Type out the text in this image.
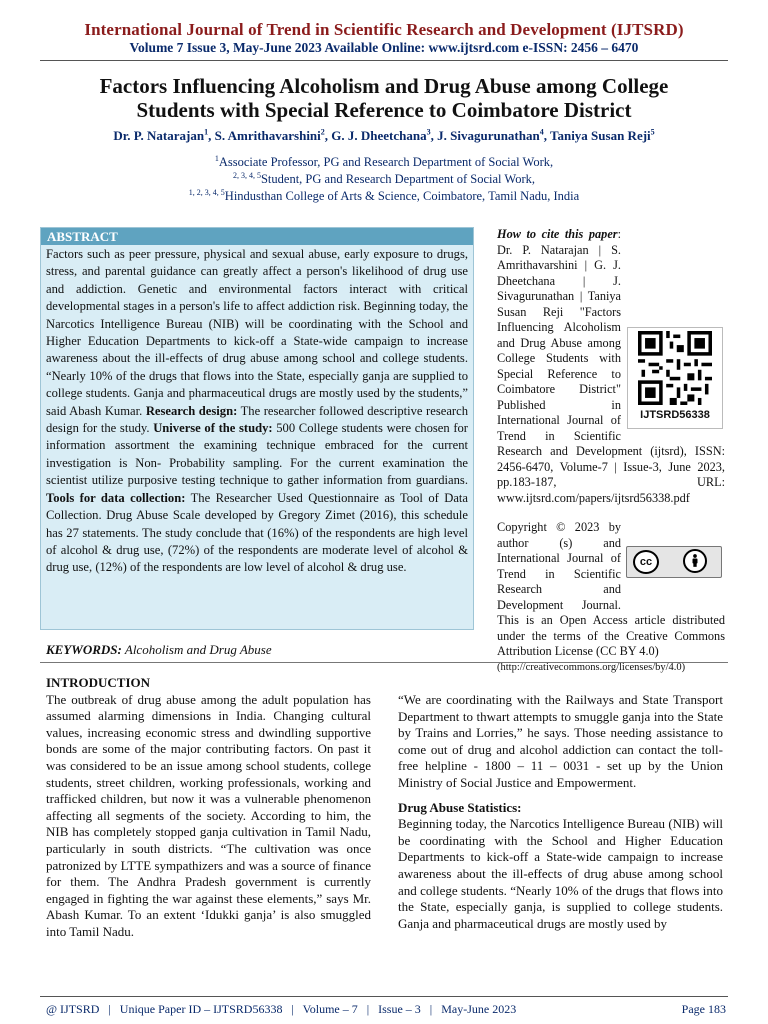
International Journal of Trend in Scientific Research and Development (IJTSRD)
Volume 7 Issue 3, May-June 2023 Available Online: www.ijtsrd.com e-ISSN: 2456 – 6470
Factors Influencing Alcoholism and Drug Abuse among College
Students with Special Reference to Coimbatore District
Dr. P. Natarajan$^1$, S. Amrithavarshini$^2$, G. J. Dheetchana$^3$, J. Sivagurunathan$^4$, Taniya Susan Reji$^5$
$^1$Associate Professor, PG and Research Department of Social Work,
$^{2, 3, 4, 5}$Student, PG and Research Department of Social Work,
$^{1, 2, 3, 4, 5}$Hindusthan College of Arts & Science, Coimbatore, Tamil Nadu, India
ABSTRACT
Factors such as peer pressure, physical and sexual abuse, early exposure to drugs, stress, and parental guidance can greatly affect a person's likelihood of drug use and addiction. Genetic and environmental factors interact with critical developmental stages in a person's life to affect addiction risk. Beginning today, the Narcotics Intelligence Bureau (NIB) will be coordinating with the School and Higher Education Departments to kick-off a State-wide campaign to increase awareness about the ill-effects of drug abuse among school and college students. “Nearly 10% of the drugs that flows into the State, especially ganja are supplied to college students. Ganja and pharmaceutical drugs are mostly used by the students,” said Abash Kumar. Research design: The researcher followed descriptive research design for the study. Universe of the study: 500 College students were chosen for information assortment the examining technique embraced for the current investigation is Non- Probability sampling. For the current examination the scientist utilize purposive testing technique to gather information from guardians. Tools for data collection: The Researcher Used Questionnaire as Tool of Data Collection. Drug Abuse Scale developed by Gregory Zimet (2016), this schedule has 27 statements. The study conclude that (16%) of the respondents are high level of alcohol & drug use, (72%) of the respondents are moderate level of alcohol & drug use, (12%) of the respondents are low level of alcohol & drug use.
How to cite this paper: Dr. P. Natarajan | S. Amrithavarshini | G. J. Dheetchana | J. Sivagurunathan | Taniya Susan Reji "Factors Influencing Alcoholism and Drug Abuse among College Students with Special Reference to Coimbatore District" Published in International Journal of Trend in Scientific Research and Development (ijtsrd), ISSN: 2456-6470, Volume-7 | Issue-3, June 2023, pp.183-187, URL: www.ijtsrd.com/papers/ijtsrd56338.pdf
Copyright © 2023 by author (s) and International Journal of Trend in Scientific Research and Development Journal. This is an Open Access article distributed under the terms of the Creative Commons Attribution License (CC BY 4.0)
(http://creativecommons.org/licenses/by/4.0)
IJTSRD56338
cc
KEYWORDS: Alcoholism and Drug Abuse
INTRODUCTION
The outbreak of drug abuse among the adult population has assumed alarming dimensions in India. Changing cultural values, increasing economic stress and dwindling supportive bonds are some of the major contributing factors. On past it was considered to be an issue among school students, college students, street children, working professionals, working and trafficked children, but now it was a vulnerable phenomenon affecting all segments of the society. According to him, the NIB has completely stopped ganja cultivation in Tamil Nadu, particularly in south districts. “The cultivation was once patronized by LTTE sympathizers and was a source of finance for them. The Andhra Pradesh government is currently engaged in fighting the war against these elements,” says Mr. Abash Kumar. To an extent ‘Idukki ganja’ is also smuggled into Tamil Nadu.
“We are coordinating with the Railways and State Transport Department to thwart attempts to smuggle ganja into the State by Trains and Lorries,” he says. Those needing assistance to come out of drug and alcohol addiction can contact the toll-free helpline - 1800 – 11 – 0031 - set up by the Union Ministry of Social Justice and Empowerment.
Drug Abuse Statistics:
Beginning today, the Narcotics Intelligence Bureau (NIB) will be coordinating with the School and Higher Education Departments to kick-off a State-wide campaign to increase awareness about the ill-effects of drug abuse among school and college students. “Nearly 10% of the drugs that flows into the State, especially ganja, is supplied to college students. Ganja and pharmaceutical drugs are mostly used by
@ IJTSRD   |   Unique Paper ID – IJTSRD56338   |   Volume – 7   |   Issue – 3   |   May-June 2023	Page 183
